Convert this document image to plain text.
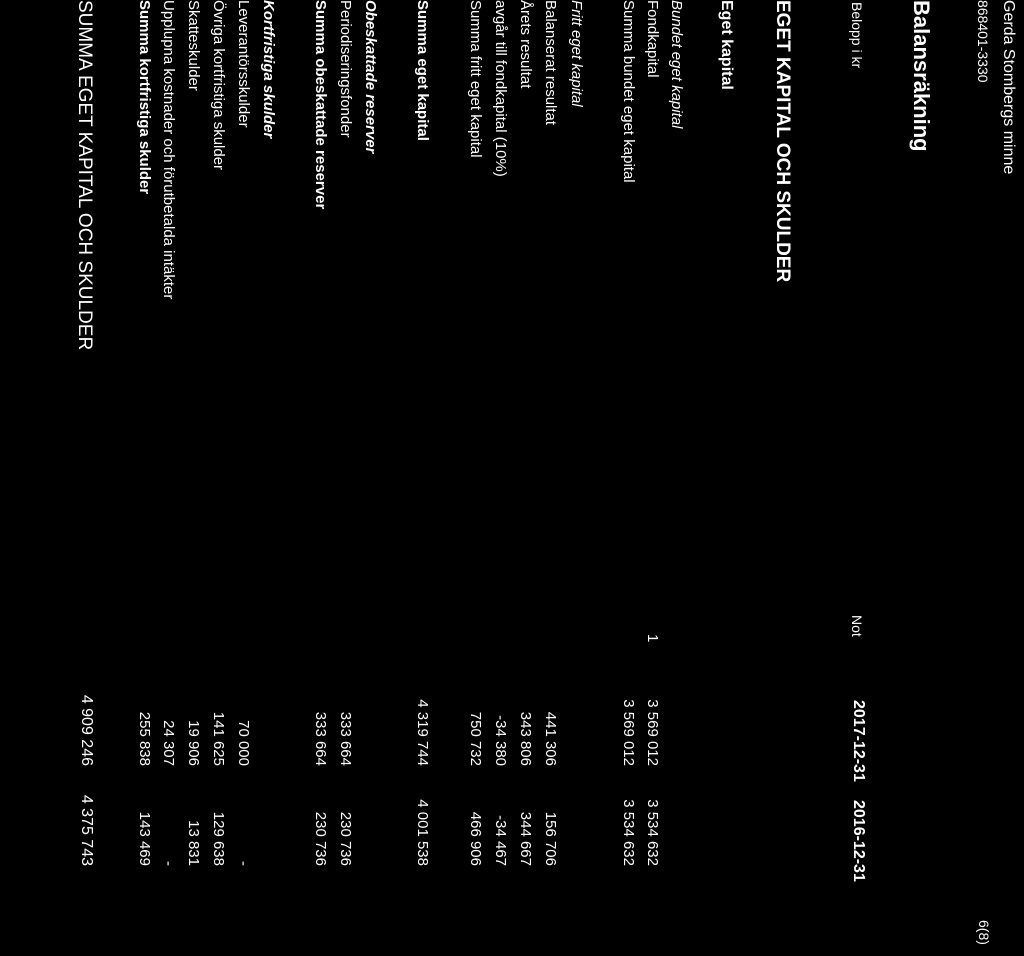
Gerda Stombergs minne
868401-3330
6(8)
Balansräkning
Belopp i kr
Not
2017-12-31
2016-12-31
EGET KAPITAL OCH SKULDER
Eget kapital
Bundet eget kapital
Fondkapital
1
3 569 012
3 534 632
Summa bundet eget kapital
3 569 012
3 534 632
Fritt eget kapital
Balanserat resultat
441 306
156 706
Årets resultat
343 806
344 667
avgår till fondkapital (10%)
-34 380
-34 467
Summa fritt eget kapital
750 732
466 906
Summa eget kapital
4 319 744
4 001 538
Obeskattade reserver
Periodiseringsfonder
333 664
230 736
Summa obeskattade reserver
333 664
230 736
Kortfristiga skulder
Leverantörsskulder
70 000
-
Övriga kortfristiga skulder
141 625
129 638
Skatteskulder
19 906
13 831
Upplupna kostnader och förutbetalda intäkter
24 307
-
Summa kortfristiga skulder
255 838
143 469
SUMMA EGET KAPITAL OCH SKULDER
4 909 246
4 375 743
